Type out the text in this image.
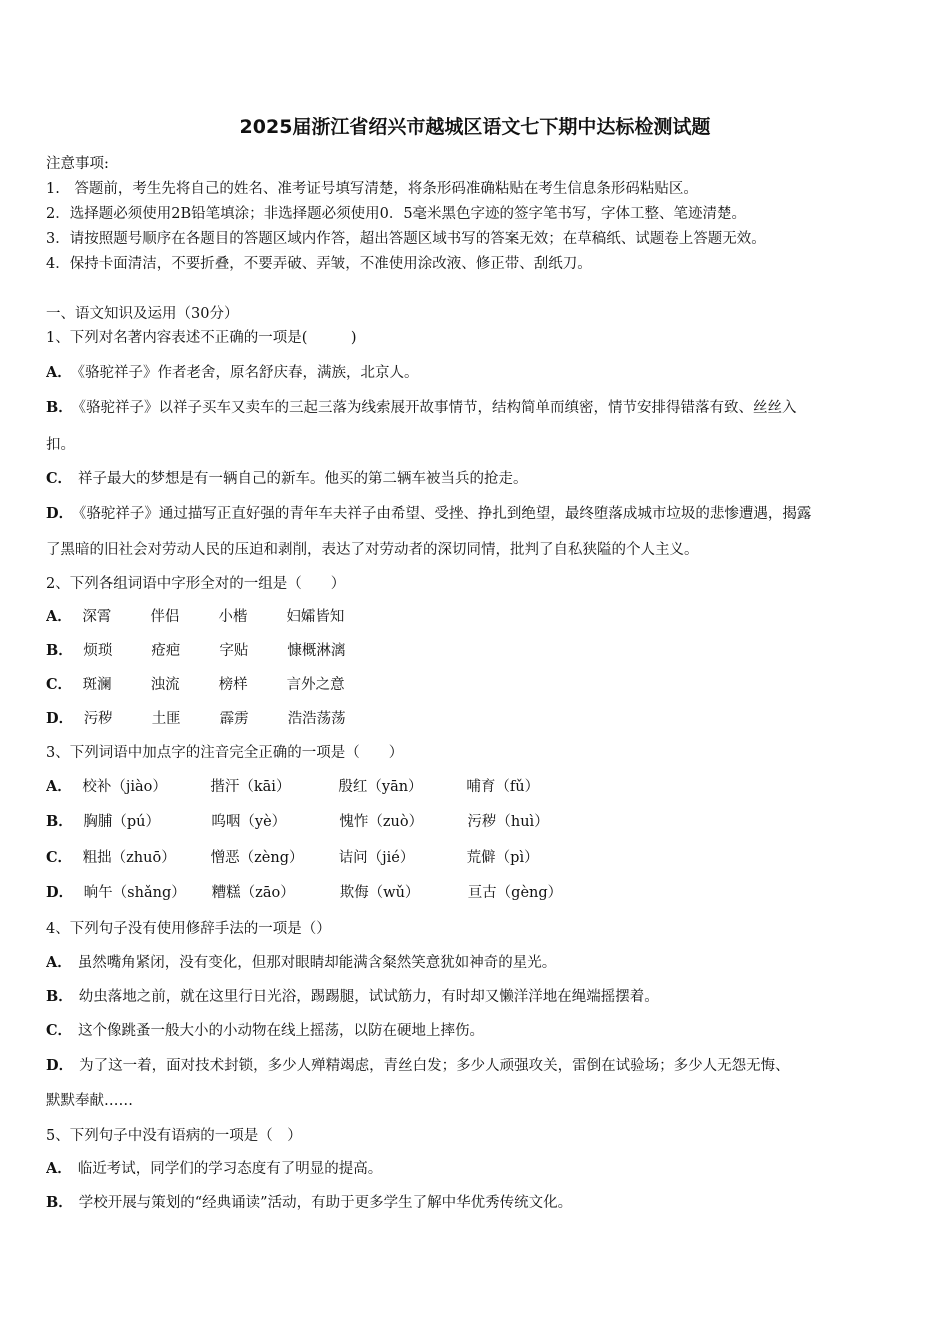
2025届浙江省绍兴市越城区语文七下期中达标检测试题
注意事项:
1.　答题前，考生先将自己的姓名、准考证号填写清楚，将条形码准确粘贴在考生信息条形码粘贴区。
2．选择题必须使用2B铅笔填涂；非选择题必须使用0．5毫米黑色字迹的签字笔书写，字体工整、笔迹清楚。
3．请按照题号顺序在各题目的答题区域内作答，超出答题区域书写的答案无效；在草稿纸、试题卷上答题无效。
4．保持卡面清洁，不要折叠，不要弄破、弄皱，不准使用涂改液、修正带、刮纸刀。
一、语文知识及运用（30分）
1、下列对名著内容表述不正确的一项是(　　　)
A． 《骆驼祥子》作者老舍，原名舒庆春，满族，北京人。
B． 《骆驼祥子》以祥子买车又卖车的三起三落为线索展开故事情节，结构简单而缜密，情节安排得错落有致、丝丝入
扣。
C． 祥子最大的梦想是有一辆自己的新车。他买的第二辆车被当兵的抢走。
D． 《骆驼祥子》通过描写正直好强的青年车夫祥子由希望、受挫、挣扎到绝望，最终堕落成城市垃圾的悲惨遭遇，揭露
了黑暗的旧社会对劳动人民的压迫和剥削，表达了对劳动者的深切同情，批判了自私狭隘的个人主义。
2、下列各组词语中字形全对的一组是（　　）
A． 深霄	伴侣	小楷	妇孀皆知
B． 烦琐	疮疤	字贴	慷概淋漓
C． 斑澜	浊流	榜样	言外之意
D． 污秽	土匪	霹雳	浩浩荡荡
3、下列词语中加点字的注音完全正确的一项是（　　）
A． 校补（jiào）	揩汗（kāi）	殷红（yān）	哺育（fǔ）
B． 胸脯（pú）	呜咽（yè）	愧怍（zuò）	污秽（huì）
C． 粗拙（zhuō） 憎恶（zèng） 诘问（jié）	荒僻（pì）
D． 晌午（shǎng） 糟糕（zāo）	欺侮（wǔ）	亘古（gèng）
4、下列句子没有使用修辞手法的一项是（）
A． 虽然嘴角紧闭，没有变化，但那对眼睛却能满含粲然笑意犹如神奇的星光。
B． 幼虫落地之前，就在这里行日光浴，踢踢腿，试试筋力，有时却又懒洋洋地在绳端摇摆着。
C． 这个像跳蚤一般大小的小动物在线上摇荡，以防在硬地上摔伤。
D． 为了这一着，面对技术封锁，多少人殚精竭虑，青丝白发；多少人顽强攻关，雷倒在试验场；多少人无怨无悔、
默默奉献……
5、下列句子中没有语病的一项是（　）
A． 临近考试，同学们的学习态度有了明显的提高。
B． 学校开展与策划的“经典诵读”活动，有助于更多学生了解中华优秀传统文化。
